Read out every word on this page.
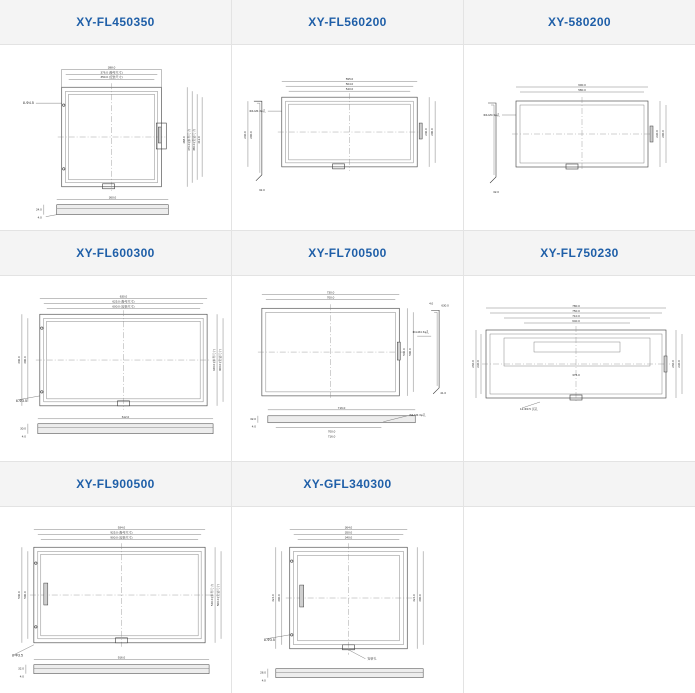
XY-FL450350
388.0
376.0 (参考尺寸)
350.0 (安装尺寸)
488.0 476.0 (参考尺寸) 450.0 (安装尺寸) 412.0
8-Φ4.5
360.0
24.0
4.0
XY-FL560200
595.0
564.0
540.0
230.0 200.0	230.0 200.0
Φ4-M4 3φ孔
32.0
XY-580200
600.0
580.0
230.0 200.0
Φ4-M4 3φ孔
32.0
XY-FL600300
630.0
625.0 (参考尺寸)
600.0 (安装尺寸)
330.0 300.0	330.0 (参考尺寸) 300.0 (安装尺寸)
6-Φ3.5
612.0
30.0
4.0
XY-FL700500
730.0
700.0
530.0 500.0
4.0	630.0
Φ4-M4 3φ孔
41.0
716.0
700.0
716.0
Φ4-M4 3φ孔
32.0
4.0
XY-FL750230
780.0
750.0
710.0
640.0
260.0 230.0	260.0 230.0
12-Φ3.5 沉孔
375.0
XY-FL900500
934.0
925.0 (参考尺寸)
900.0 (安装尺寸)
530.0 500.0	530.0 (参考尺寸) 500.0 (安装尺寸)
8-Φ3.5	916.0
32.0
4.0
XY-GFL340300
364.0
350.0
340.0
324.0 300.0	324.0 300.0
8-Φ3.5
安装孔
28.0
4.0
